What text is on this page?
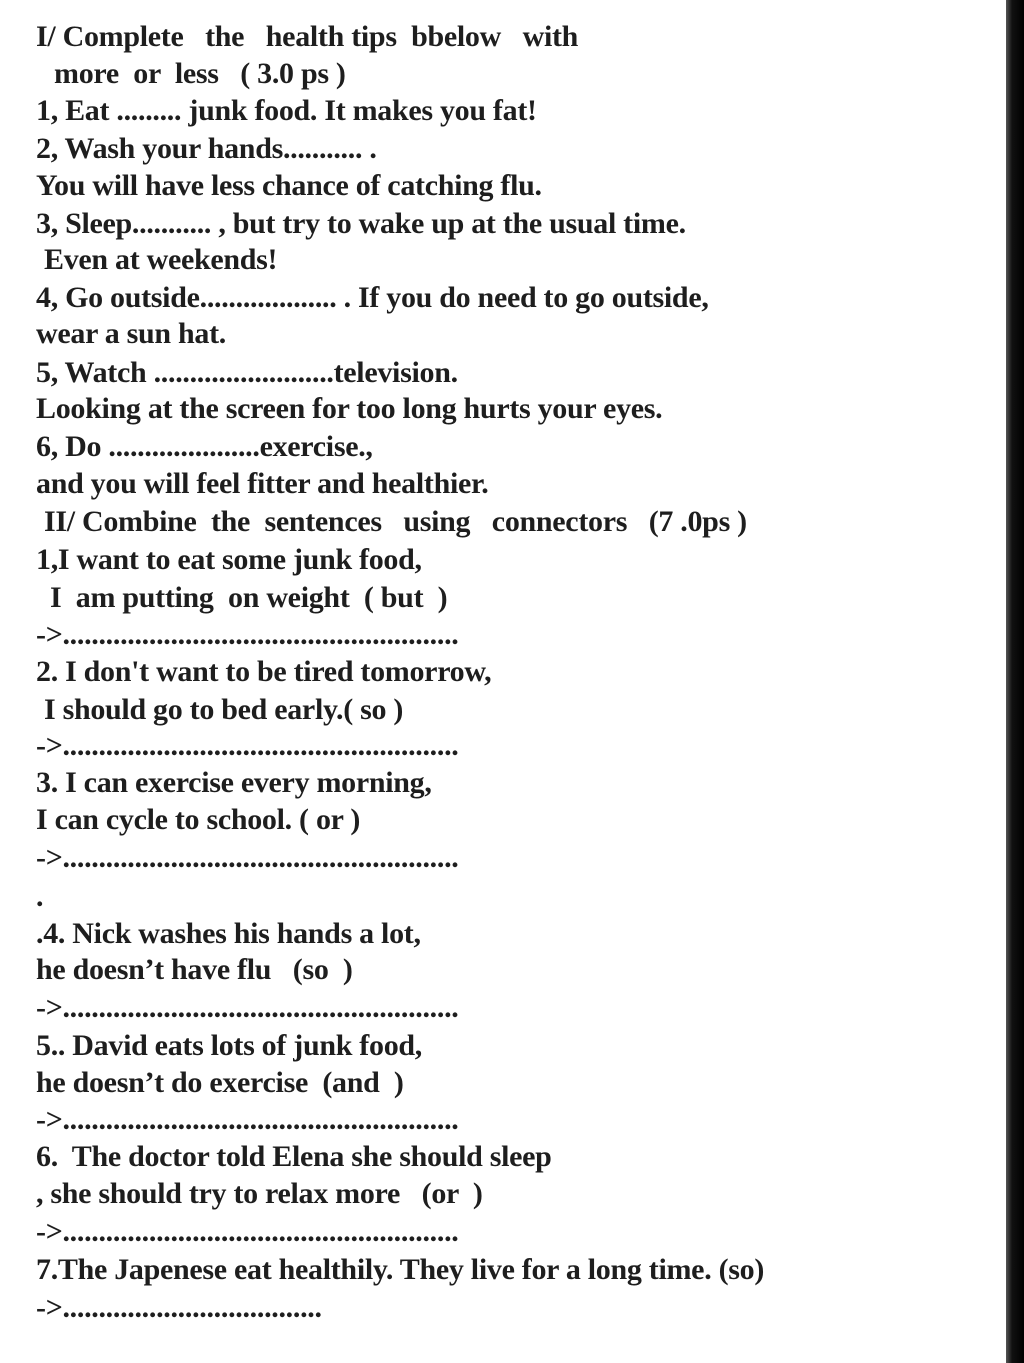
I/ Complete   the   health tips  bbelow   with
more  or  less   ( 3.0 ps )
1, Eat ......... junk food. It makes you fat!
2, Wash your hands........... .
You will have less chance of catching flu.
3, Sleep........... , but try to wake up at the usual time.
Even at weekends!
4, Go outside................... . If you do need to go outside,
wear a sun hat.
5, Watch .........................television.
Looking at the screen for too long hurts your eyes.
6, Do .....................exercise.,
and you will feel fitter and healthier.
II/ Combine  the  sentences   using   connectors   (7 .0ps )
1,I want to eat some junk food,
I  am putting  on weight  ( but  )
->.......................................................
2. I don't want to be tired tomorrow,
I should go to bed early.( so )
->.......................................................
3. I can exercise every morning,
I can cycle to school. ( or )
->.......................................................
.
.4. Nick washes his hands a lot,
he doesn’t have flu   (so  )
->.......................................................
5.. David eats lots of junk food,
he doesn’t do exercise  (and  )
->.......................................................
6.  The doctor told Elena she should sleep
, she should try to relax more   (or  )
->.......................................................
7.The Japenese eat healthily. They live for a long time. (so)
->....................................
